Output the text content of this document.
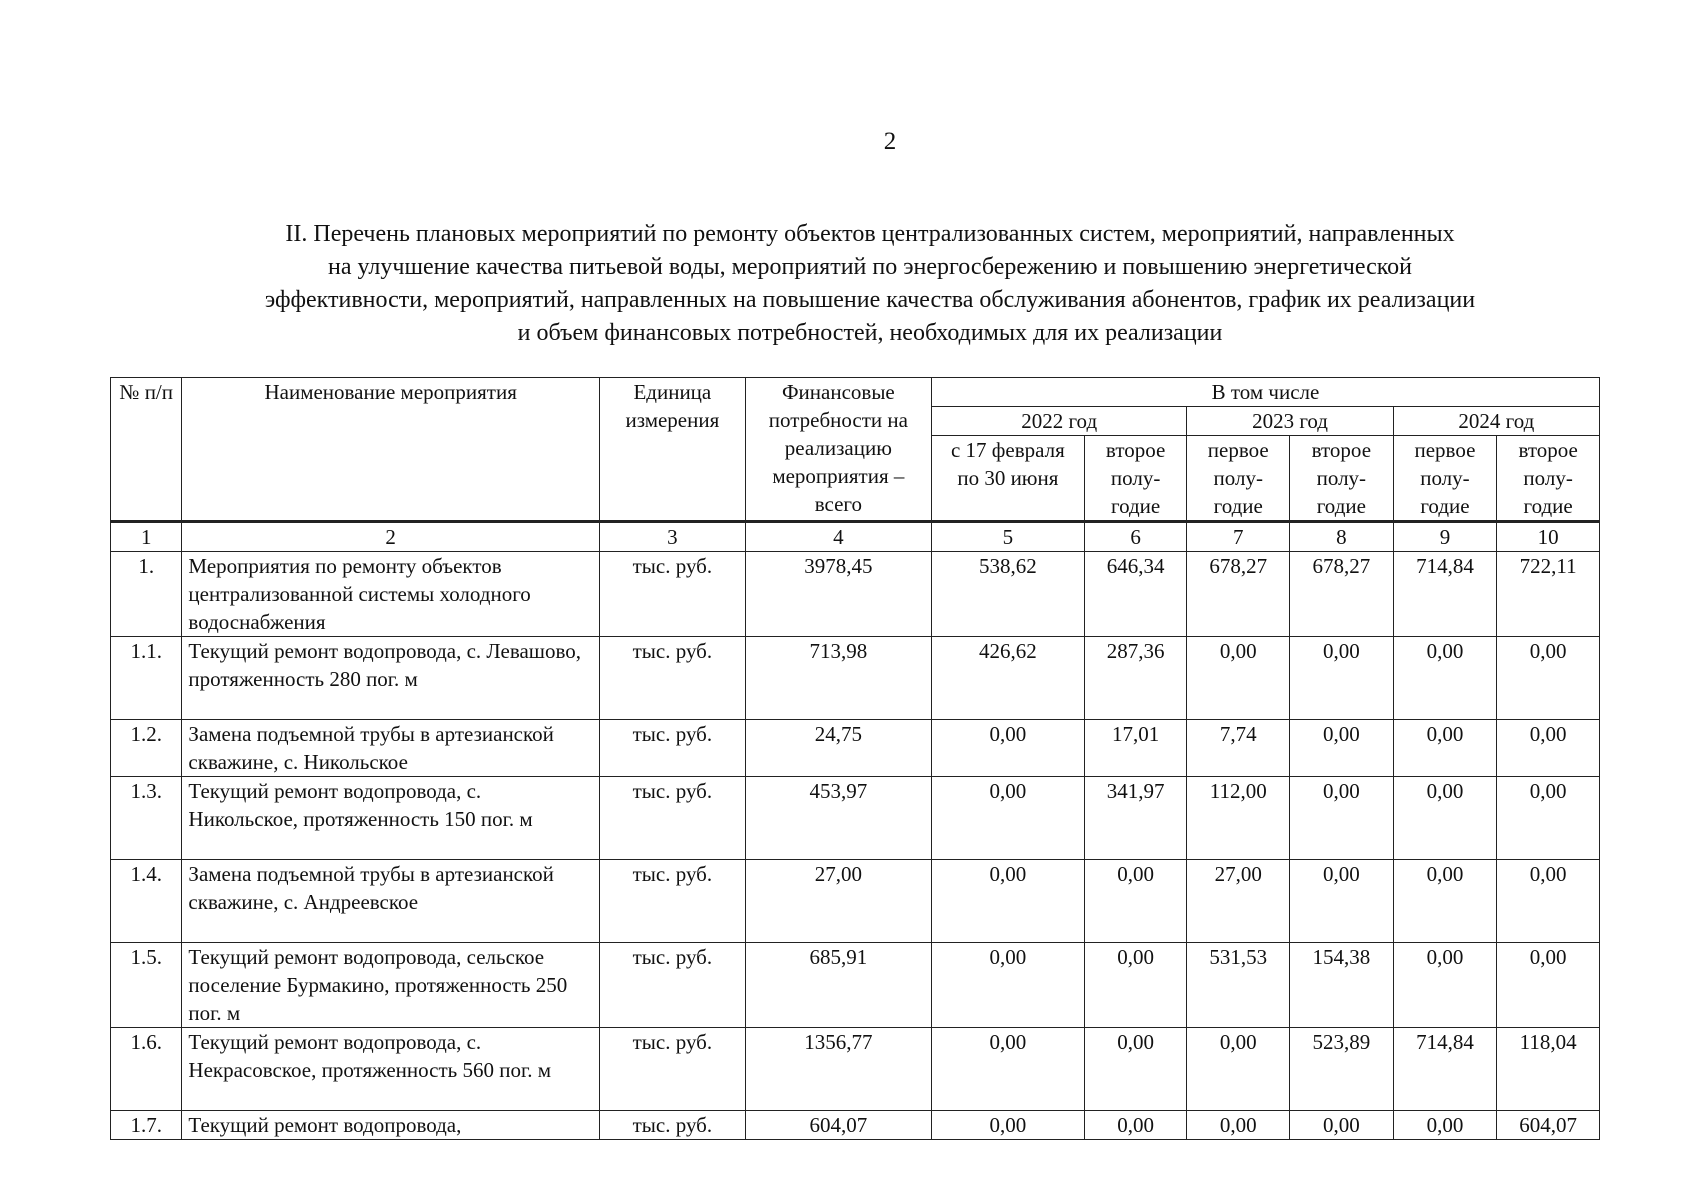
2
II. Перечень плановых мероприятий по ремонту объектов централизованных систем, мероприятий, направленных
на улучшение качества питьевой воды, мероприятий по энергосбережению и повышению энергетической
эффективности, мероприятий, направленных на повышение качества обслуживания абонентов, график их реализации
и объем финансовых потребностей, необходимых для их реализации
№ п/п	Наименование мероприятия	Единица измерения	Финансовые потребности на реализацию мероприятия – всего	В том числе					
				2022 год		2023 год		2024 год	
				с 17 февраля по 30 июня	второе полу-годие	первое полу-годие	второе полу-годие	первое полу-годие	второе полу-годие
1	2	3	4	5	6	7	8	9	10
1.	Мероприятия по ремонту объектов централизованной системы холодного водоснабжения	тыс. руб.	3978,45	538,62	646,34	678,27	678,27	714,84	722,11
1.1.	Текущий ремонт водопровода, с. Левашово, протяженность 280 пог. м	тыс. руб.	713,98	426,62	287,36	0,00	0,00	0,00	0,00
1.2.	Замена подъемной трубы в артезианской скважине, с. Никольское	тыс. руб.	24,75	0,00	17,01	7,74	0,00	0,00	0,00
1.3.	Текущий ремонт водопровода, с. Никольское, протяженность 150 пог. м	тыс. руб.	453,97	0,00	341,97	112,00	0,00	0,00	0,00
1.4.	Замена подъемной трубы в артезианской скважине, с. Андреевское	тыс. руб.	27,00	0,00	0,00	27,00	0,00	0,00	0,00
1.5.	Текущий ремонт водопровода, сельское поселение Бурмакино, протяженность 250 пог. м	тыс. руб.	685,91	0,00	0,00	531,53	154,38	0,00	0,00
1.6.	Текущий ремонт водопровода, с. Некрасовское, протяженность 560 пог. м	тыс. руб.	1356,77	0,00	0,00	0,00	523,89	714,84	118,04
1.7.	Текущий ремонт водопровода,	тыс. руб.	604,07	0,00	0,00	0,00	0,00	0,00	604,07
